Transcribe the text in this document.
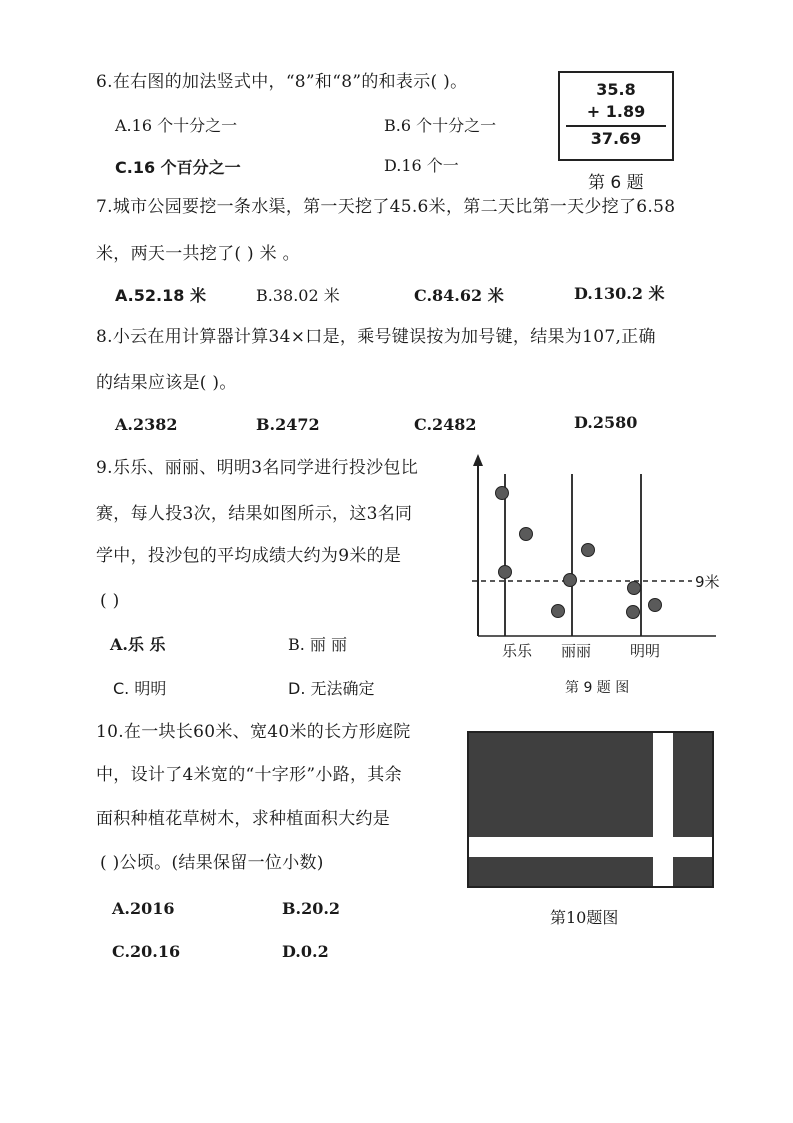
6.在右图的加法竖式中，“8”和“8”的和表示( )。
A.16 个十分之一	B.6 个十分之一
C.16 个百分之一	D.16 个一
35.8
+ 1.89
37.69
第 6 题
7.城市公园要挖一条水渠，第一天挖了45.6米，第二天比第一天少挖了6.58
米，两天一共挖了( ) 米 。
A.52.18 米	B.38.02 米	C.84.62 米	D.130.2 米
8.小云在用计算器计算34×口是，乘号键误按为加号键，结果为107,正确
的结果应该是( )。
A.2382	B.2472	C.2482	D.2580
9.乐乐、丽丽、明明3名同学进行投沙包比
赛，每人投3次，结果如图所示，这3名同
学中，投沙包的平均成绩大约为9米的是
( )
A.乐 乐	B. 丽 丽
C. 明明	D. 无法确定
9米
乐乐 丽丽	明明
第 9 题 图
10.在一块长60米、宽40米的长方形庭院
中，设计了4米宽的“十字形”小路，其余
面积种植花草树木，求种植面积大约是
( )公顷。(结果保留一位小数)
A.2016	B.20.2
C.20.16	D.0.2
第10题图
